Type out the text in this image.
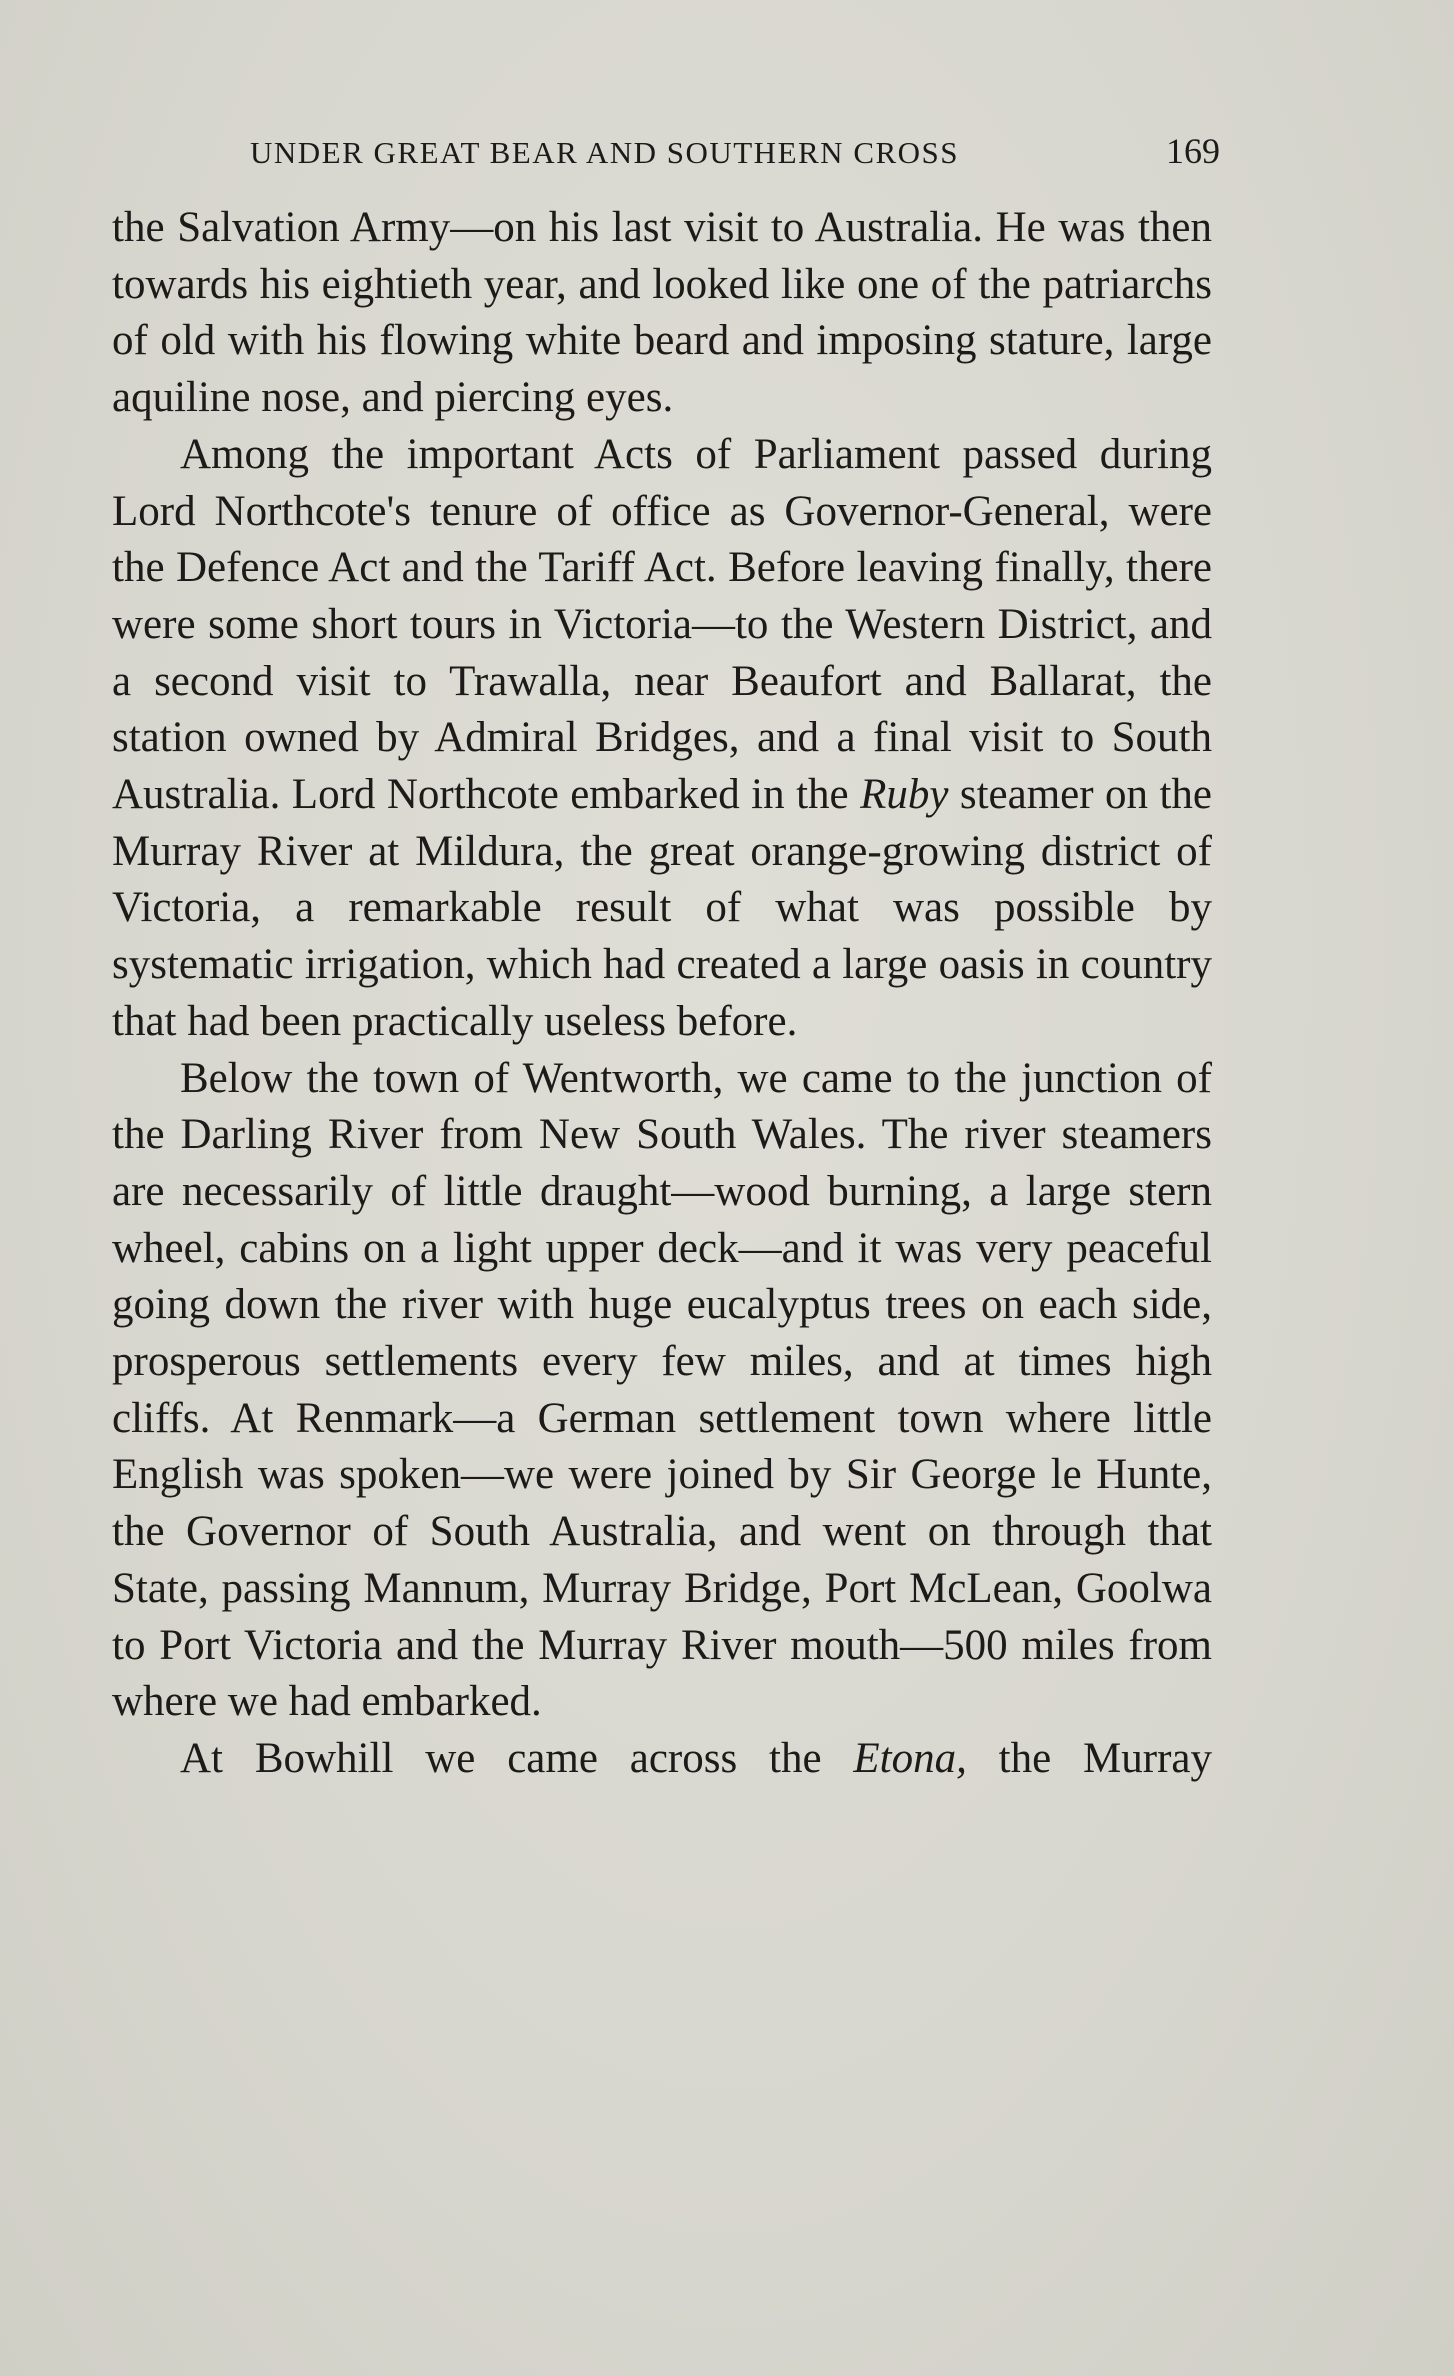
UNDER GREAT BEAR AND SOUTHERN CROSS	169

the Salvation Army—on his last visit to Australia. He was then towards his eightieth year, and looked like one of the patriarchs of old with his flowing white beard and imposing stature, large aquiline nose, and piercing eyes.

Among the important Acts of Parliament passed during Lord Northcote's tenure of office as Governor-General, were the Defence Act and the Tariff Act. Before leaving finally, there were some short tours in Victoria—to the Western District, and a second visit to Trawalla, near Beaufort and Ballarat, the station owned by Admiral Bridges, and a final visit to South Australia. Lord Northcote embarked in the Ruby steamer on the Murray River at Mildura, the great orange-growing district of Victoria, a remarkable result of what was possible by systematic irrigation, which had created a large oasis in country that had been practically useless before.

Below the town of Wentworth, we came to the junction of the Darling River from New South Wales. The river steamers are necessarily of little draught—wood burning, a large stern wheel, cabins on a light upper deck—and it was very peaceful going down the river with huge eucalyptus trees on each side, prosperous settlements every few miles, and at times high cliffs. At Renmark—a German settlement town where little English was spoken—we were joined by Sir George le Hunte, the Governor of South Australia, and went on through that State, passing Mannum, Murray Bridge, Port McLean, Goolwa to Port Victoria and the Murray River mouth—500 miles from where we had embarked.

At Bowhill we came across the Etona, the Murray
